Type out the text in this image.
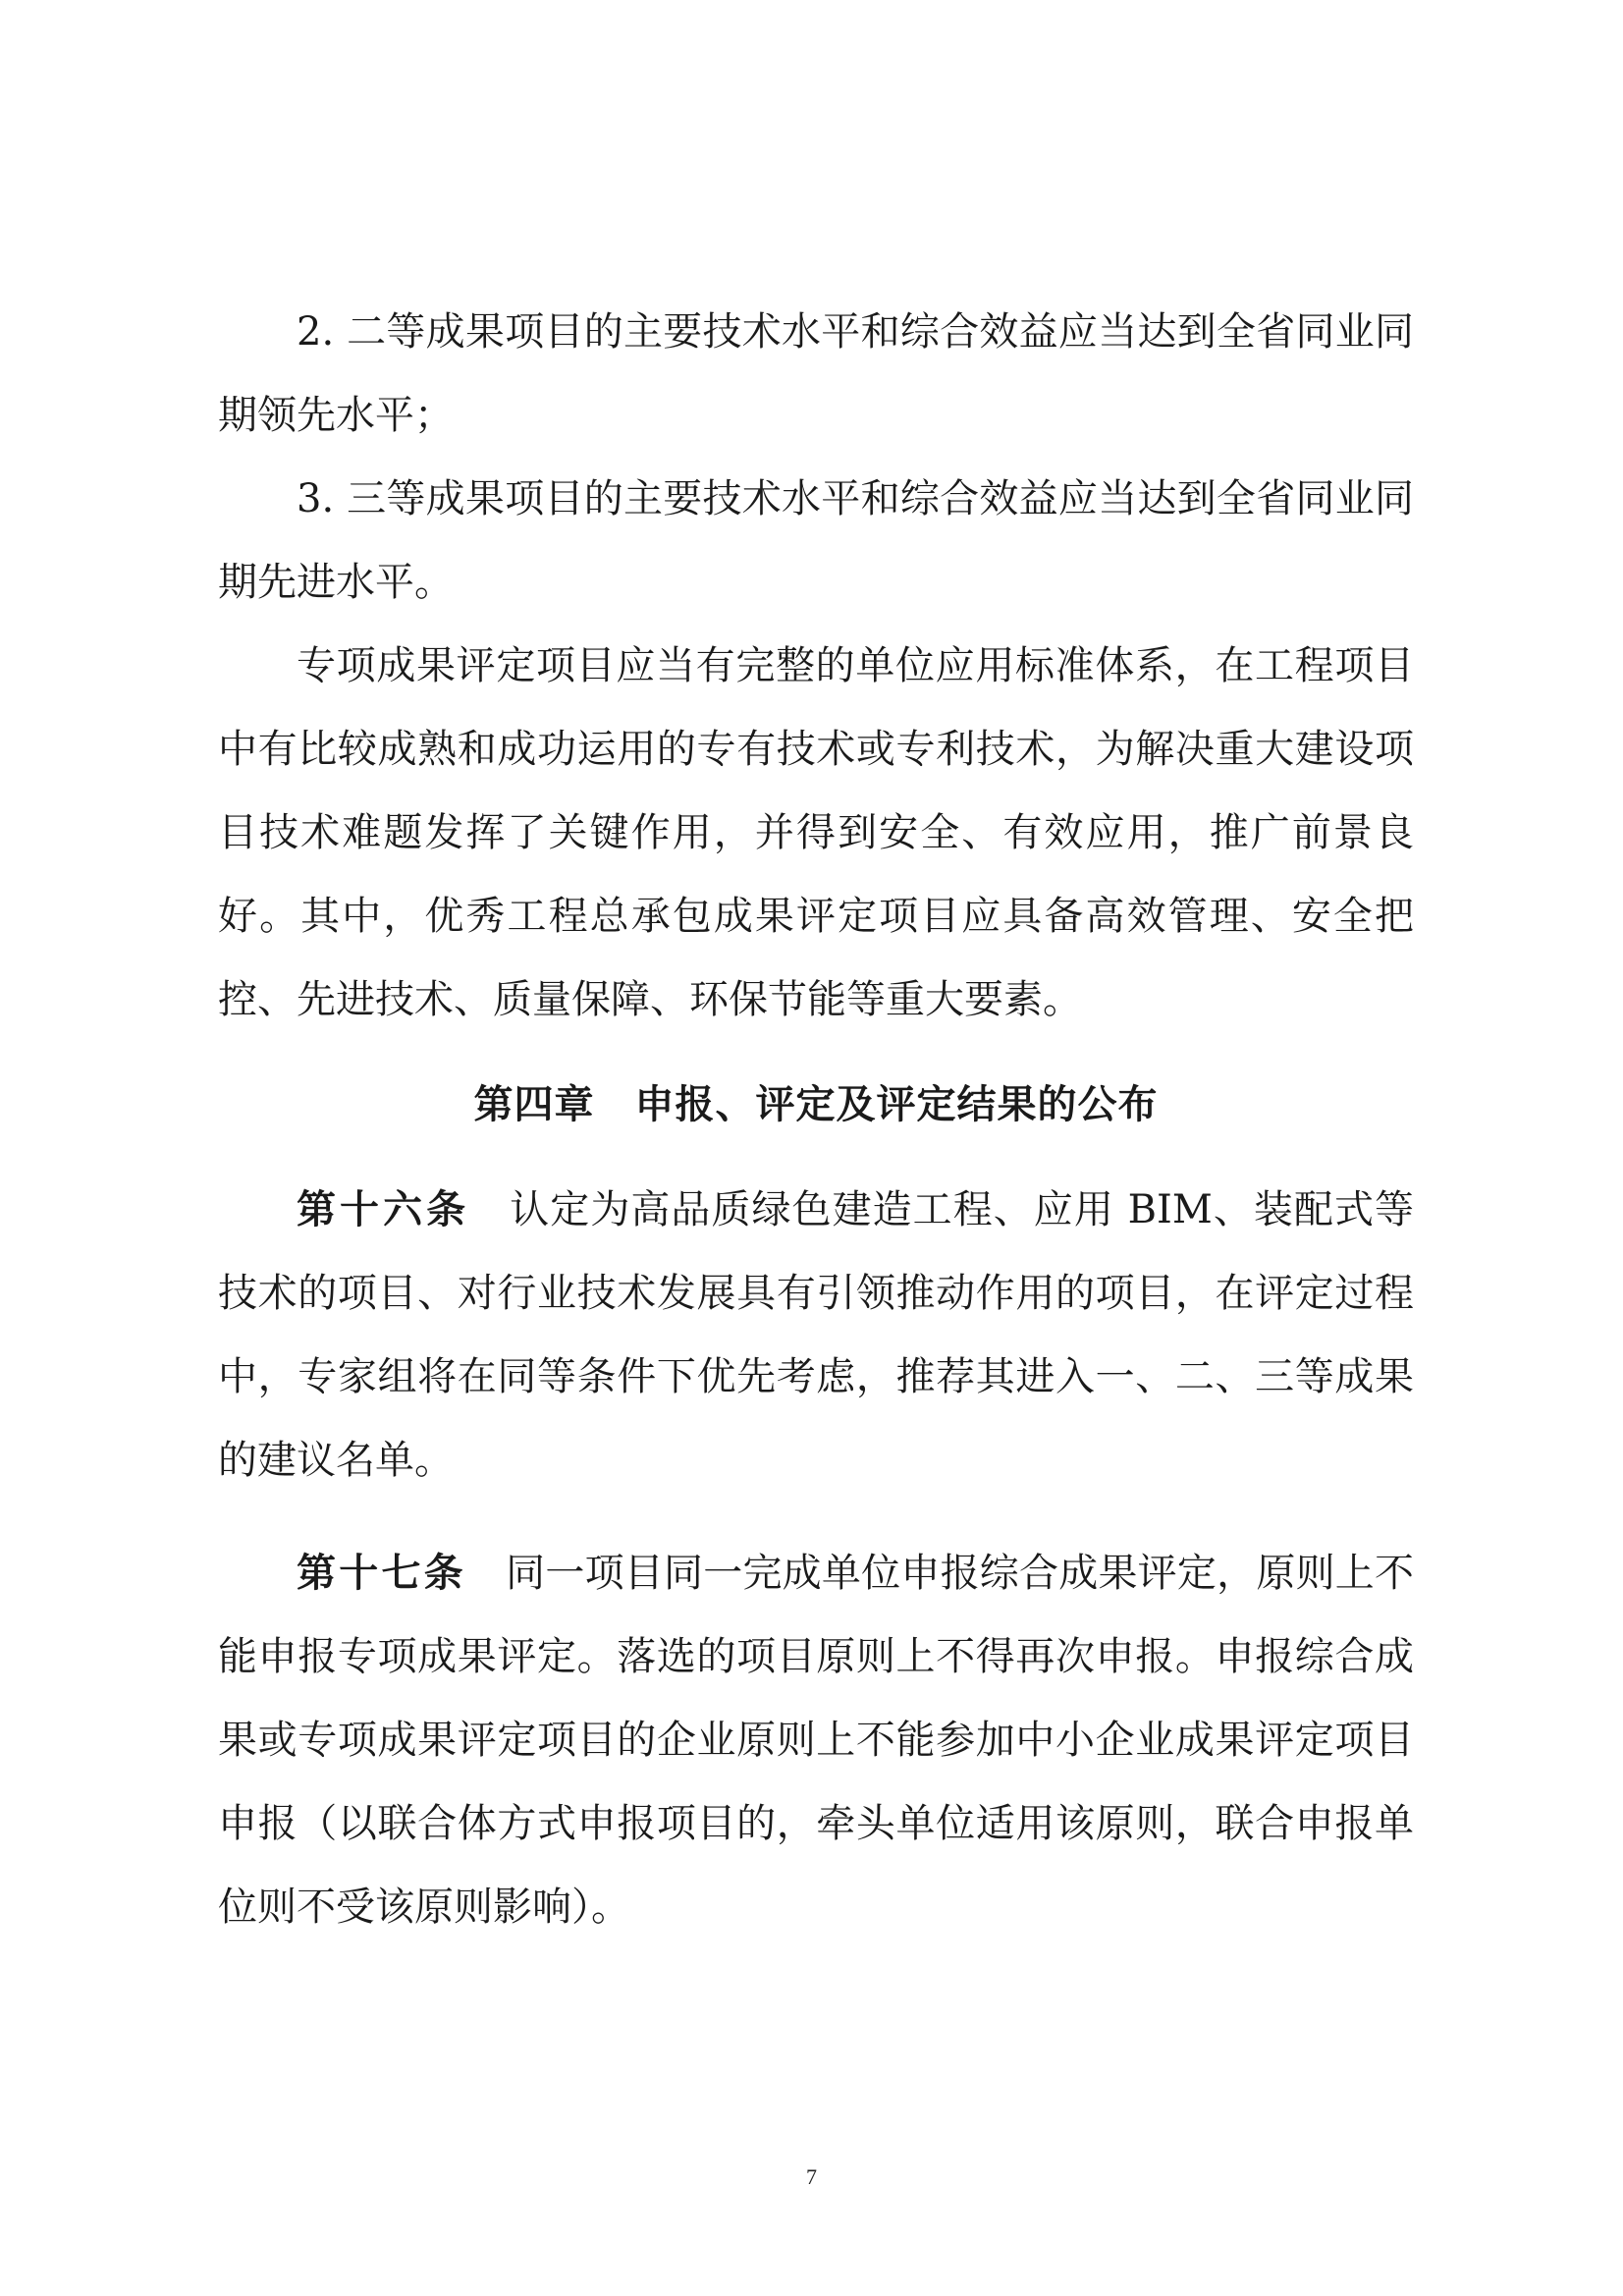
2. 二等成果项目的主要技术水平和综合效益应当达到全省同业同期领先水平；

3. 三等成果项目的主要技术水平和综合效益应当达到全省同业同期先进水平。

专项成果评定项目应当有完整的单位应用标准体系，在工程项目中有比较成熟和成功运用的专有技术或专利技术，为解决重大建设项目技术难题发挥了关键作用，并得到安全、有效应用，推广前景良好。其中，优秀工程总承包成果评定项目应具备高效管理、安全把控、先进技术、质量保障、环保节能等重大要素。

第四章　申报、评定及评定结果的公布

第十六条　 认定为高品质绿色建造工程、应用 BIM、装配式等技术的项目、对行业技术发展具有引领推动作用的项目，在评定过程中，专家组将在同等条件下优先考虑，推荐其进入一、二、三等成果的建议名单。

第十七条　 同一项目同一完成单位申报综合成果评定，原则上不能申报专项成果评定。落选的项目原则上不得再次申报。申报综合成果或专项成果评定项目的企业原则上不能参加中小企业成果评定项目申报（以联合体方式申报项目的，牵头单位适用该原则，联合申报单位则不受该原则影响）。

7
